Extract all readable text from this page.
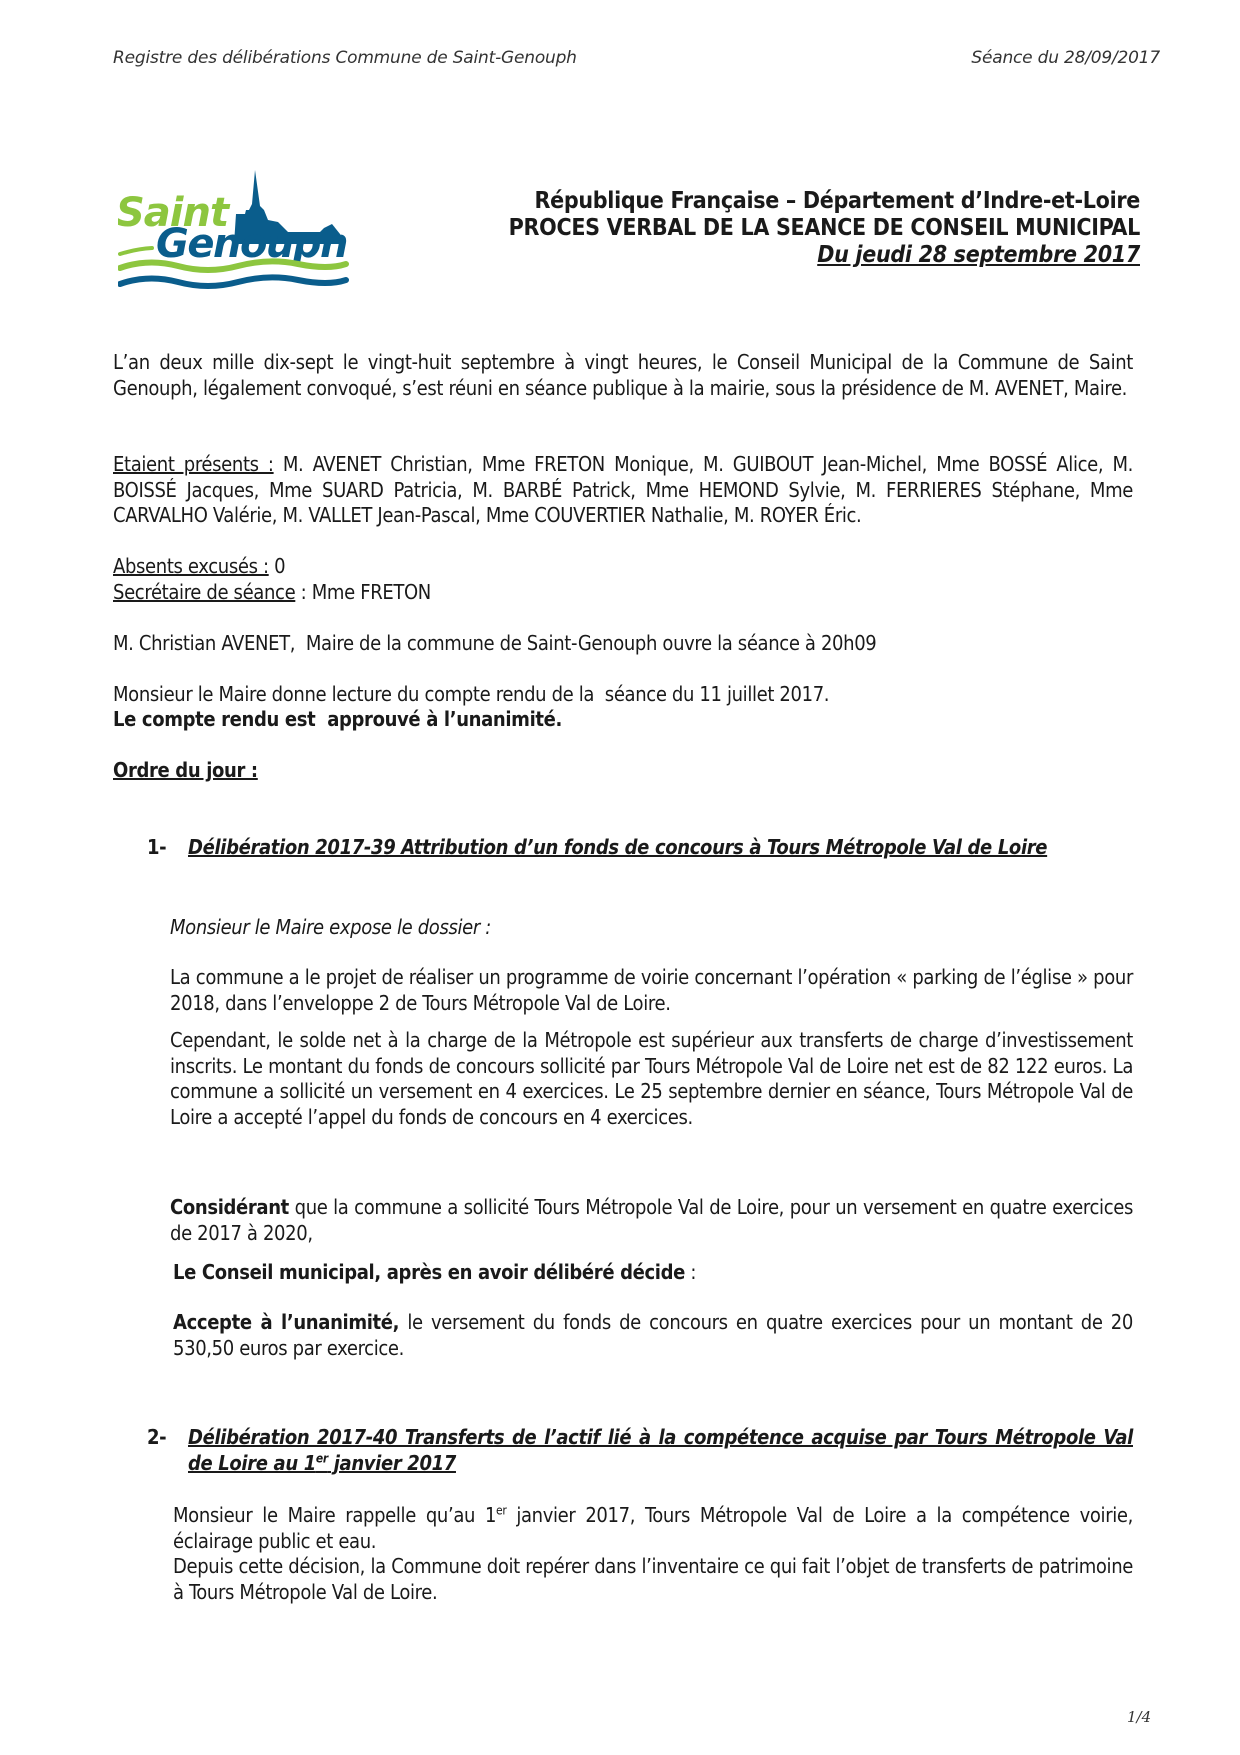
Registre des délibérations Commune de Saint-Genouph	Séance du 28/09/2017
Saint
Genouph
République Française – Département d’Indre-et-Loire
PROCES VERBAL DE LA SEANCE DE CONSEIL MUNICIPAL
Du jeudi 28 septembre 2017
L’an deux mille dix-sept le vingt-huit septembre à vingt heures, le Conseil Municipal de la Commune de Saint Genouph, légalement convoqué, s’est réuni en séance publique à la mairie, sous la présidence de M. AVENET, Maire.
Etaient présents : M. AVENET Christian, Mme FRETON Monique, M. GUIBOUT Jean-Michel, Mme BOSSÉ Alice, M. BOISSÉ Jacques, Mme SUARD Patricia, M. BARBÉ Patrick, Mme HEMOND Sylvie, M. FERRIERES Stéphane, Mme CARVALHO Valérie, M. VALLET Jean-Pascal, Mme COUVERTIER Nathalie, M. ROYER Éric.
Absents excusés : 0
Secrétaire de séance : Mme FRETON
M. Christian AVENET,  Maire de la commune de Saint-Genouph ouvre la séance à 20h09
Monsieur le Maire donne lecture du compte rendu de la  séance du 11 juillet 2017.
Le compte rendu est  approuvé à l’unanimité.
Ordre du jour :
1- Délibération 2017-39 Attribution d’un fonds de concours à Tours Métropole Val de Loire
Monsieur le Maire expose le dossier :
La commune a le projet de réaliser un programme de voirie concernant l’opération « parking de l’église » pour 2018, dans l’enveloppe 2 de Tours Métropole Val de Loire.
Cependant, le solde net à la charge de la Métropole est supérieur aux transferts de charge d’investissement inscrits. Le montant du fonds de concours sollicité par Tours Métropole Val de Loire net est de 82 122 euros. La commune a sollicité un versement en 4 exercices. Le 25 septembre dernier en séance, Tours Métropole Val de Loire a accepté l’appel du fonds de concours en 4 exercices.
Considérant que la commune a sollicité Tours Métropole Val de Loire, pour un versement en quatre exercices de 2017 à 2020,
Le Conseil municipal, après en avoir délibéré décide :
Accepte à l’unanimité, le versement du fonds de concours en quatre exercices pour un montant de 20 530,50 euros par exercice.
2- Délibération 2017-40 Transferts de l’actif lié à la compétence acquise par Tours Métropole Val de Loire au 1er janvier 2017
Monsieur le Maire rappelle qu’au 1er janvier 2017, Tours Métropole Val de Loire a la compétence voirie, éclairage public et eau.
Depuis cette décision, la Commune doit repérer dans l’inventaire ce qui fait l’objet de transferts de patrimoine à Tours Métropole Val de Loire.
1/4
